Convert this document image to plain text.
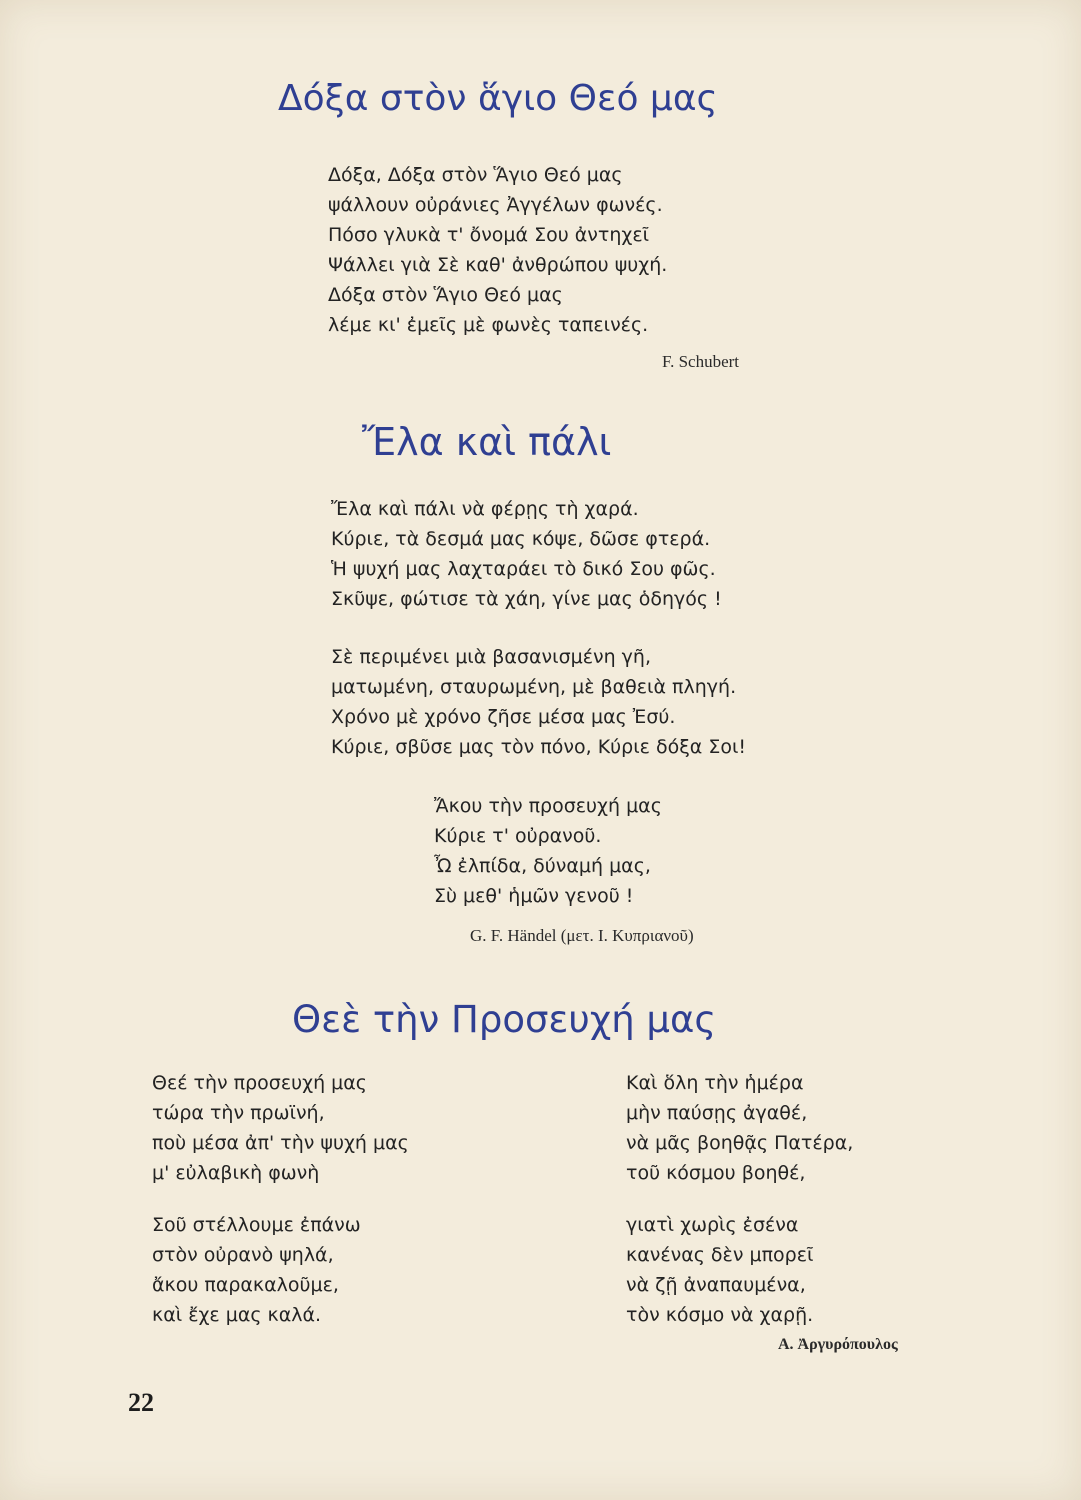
Δόξα στὸν ἅγιο Θεό μας
Δόξα, Δόξα στὸν Ἅγιο Θεό μας
ψάλλουν οὐράνιες Ἀγγέλων φωνές.
Πόσο γλυκὰ τ' ὄνομά Σου ἀντηχεῖ
Ψάλλει γιὰ Σὲ καθ' ἀνθρώπου ψυχή.
Δόξα στὸν Ἅγιο Θεό μας
λέμε κι' ἐμεῖς μὲ φωνὲς ταπεινές.

F. Schubert

Ἔλα καὶ πάλι
Ἔλα καὶ πάλι νὰ φέρῃς τὴ χαρά.
Κύριε, τὰ δεσμά μας κόψε, δῶσε φτερά.
Ἡ ψυχή μας λαχταράει τὸ δικό Σου φῶς.
Σκῦψε, φώτισε τὰ χάη, γίνε μας ὁδηγός !
Σὲ περιμένει μιὰ βασανισμένη γῆ,
ματωμένη, σταυρωμένη, μὲ βαθειὰ πληγή.
Χρόνο μὲ χρόνο ζῆσε μέσα μας Ἐσύ.
Κύριε, σβῦσε μας τὸν πόνο, Κύριε δόξα Σοι!
Ἄκου τὴν προσευχή μας
Κύριε τ' οὐρανοῦ.
Ὦ ἐλπίδα, δύναμή μας,
Σὺ μεθ' ἡμῶν γενοῦ !

G. F. Händel (μετ. Ι. Κυπριανοῦ)

Θεὲ τὴν Προσευχή μας
Θεέ τὴν προσευχή μας
τώρα τὴν πρωϊνή,
ποὺ μέσα ἀπ' τὴν ψυχή μας
μ' εὐλαβικὴ φωνὴ
Σοῦ στέλλουμε ἐπάνω
στὸν οὐρανὸ ψηλά,
ἄκου παρακαλοῦμε,
καὶ ἔχε μας καλά.
Καὶ ὅλη τὴν ἡμέρα
μὴν παύσῃς ἀγαθέ,
νὰ μᾶς βοηθᾷς Πατέρα,
τοῦ κόσμου βοηθέ,
γιατὶ χωρὶς ἐσένα
κανένας δὲν μπορεῖ
νὰ ζῇ ἀναπαυμένα,
τὸν κόσμο νὰ χαρῇ.

Α. Ἀργυρόπουλος

22
